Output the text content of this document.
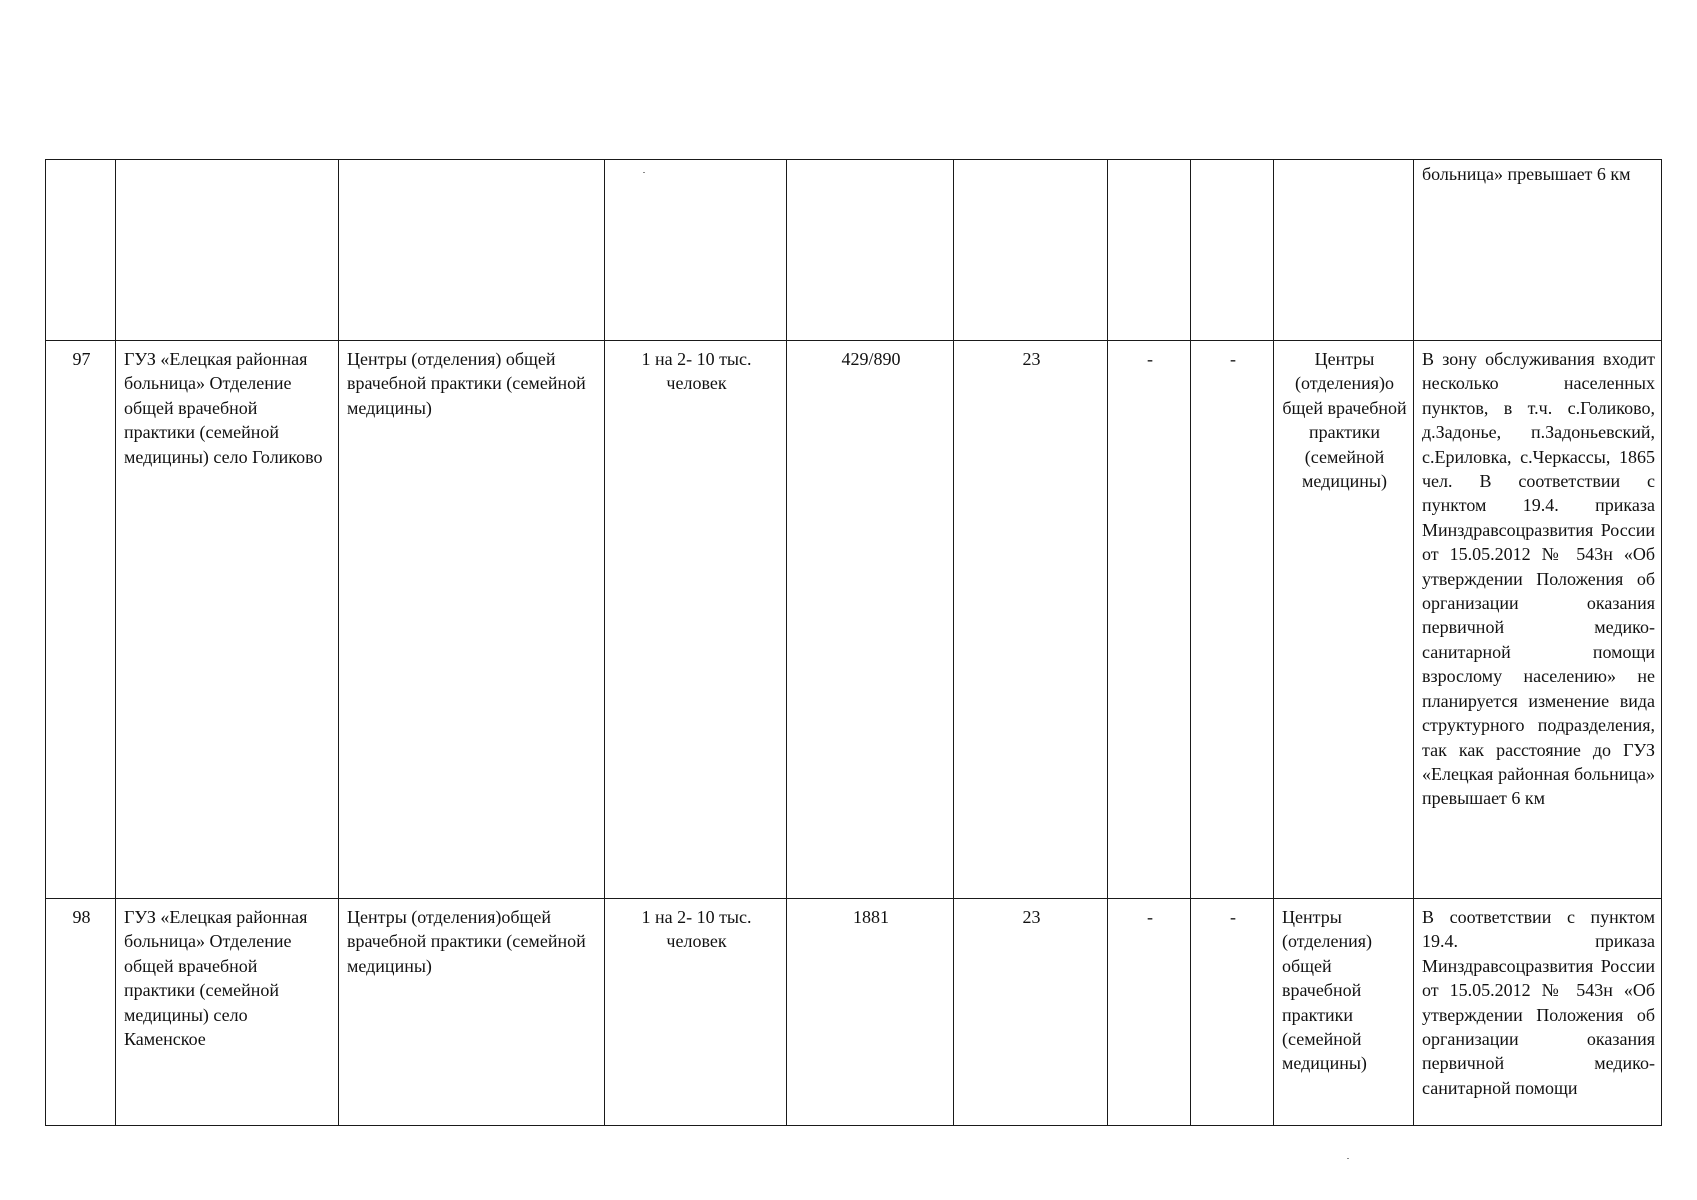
									больница» превышает 6 км
97	ГУЗ «Елецкая районная больница» Отделение общей врачебной практики (семейной медицины) село Голиково	Центры (отделения) общей врачебной практики (семейной медицины)	1 на 2- 10 тыс. человек	429/890	23	-	-	Центры (отделения)о бщей врачебной практики (семейной медицины)	В зону обслуживания входит несколько населенных пунктов, в т.ч. с.Голиково, д.Задонье, п.Задоньевский, с.Ериловка, с.Черкассы, 1865 чел. В соответствии с пунктом 19.4. приказа Минздравсоцразвития России от 15.05.2012 № 543н «Об утверждении Положения об организации оказания первичной медико-санитарной помощи взрослому населению» не планируется изменение вида структурного подразделения, так как расстояние до ГУЗ «Елецкая районная больница» превышает 6 км
98	ГУЗ «Елецкая районная больница» Отделение общей врачебной практики (семейной медицины) село Каменское	Центры (отделения)общей врачебной практики (семейной медицины)	1 на 2- 10 тыс. человек	1881	23	-	-	Центры (отделения) общей врачебной практики (семейной медицины)	В соответствии с пунктом 19.4. приказа Минздравсоцразвития России от 15.05.2012 № 543н «Об утверждении Положения об организации оказания первичной медико-санитарной помощи
